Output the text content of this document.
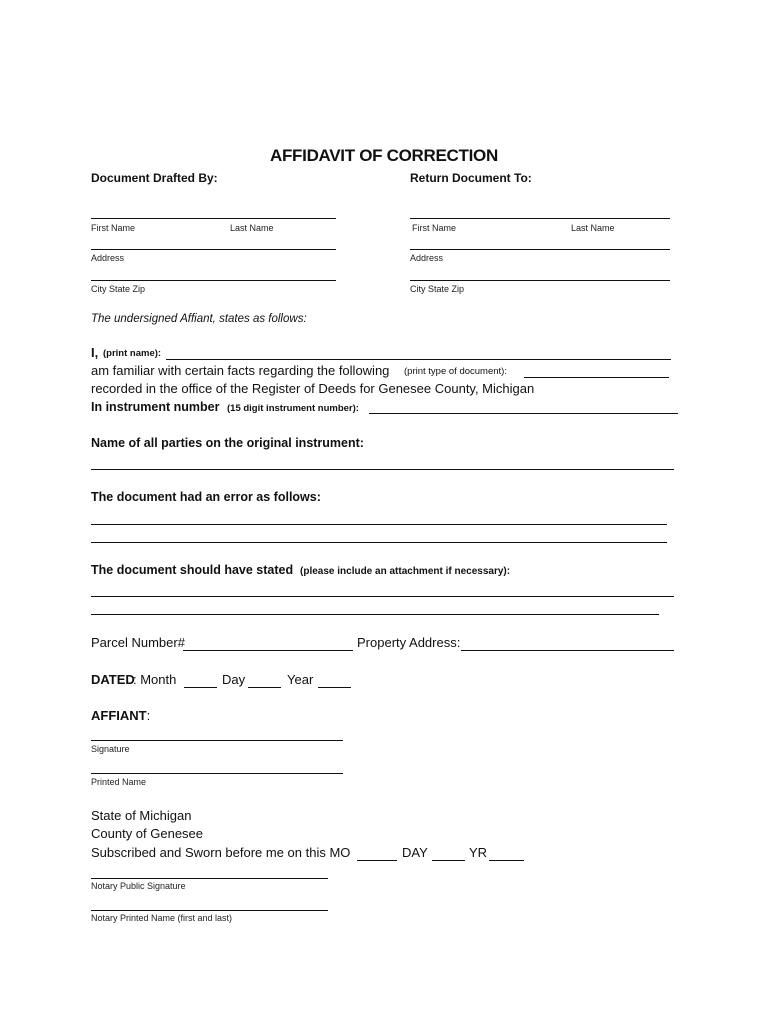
AFFIDAVIT OF CORRECTION
Document Drafted By:	Return Document To:
First Name	Last Name
Address
City State Zip
First Name	Last Name
Address
City State Zip
The undersigned Affiant, states as follows:
I, (print name):
am familiar with certain facts regarding the following (print type of document):
recorded in the office of the Register of Deeds for Genesee County, Michigan
In instrument number (15 digit instrument number):
Name of all parties on the original instrument:
The document had an error as follows:
The document should have stated (please include an attachment if necessary):
Parcel Number#	Property Address:
DATED
: Month	Day	Year
AFFIANT:
Signature
Printed Name
State of Michigan
County of Genesee
Subscribed and Sworn before me on this MO	DAY	YR
Notary Public Signature
Notary Printed Name (first and last)
